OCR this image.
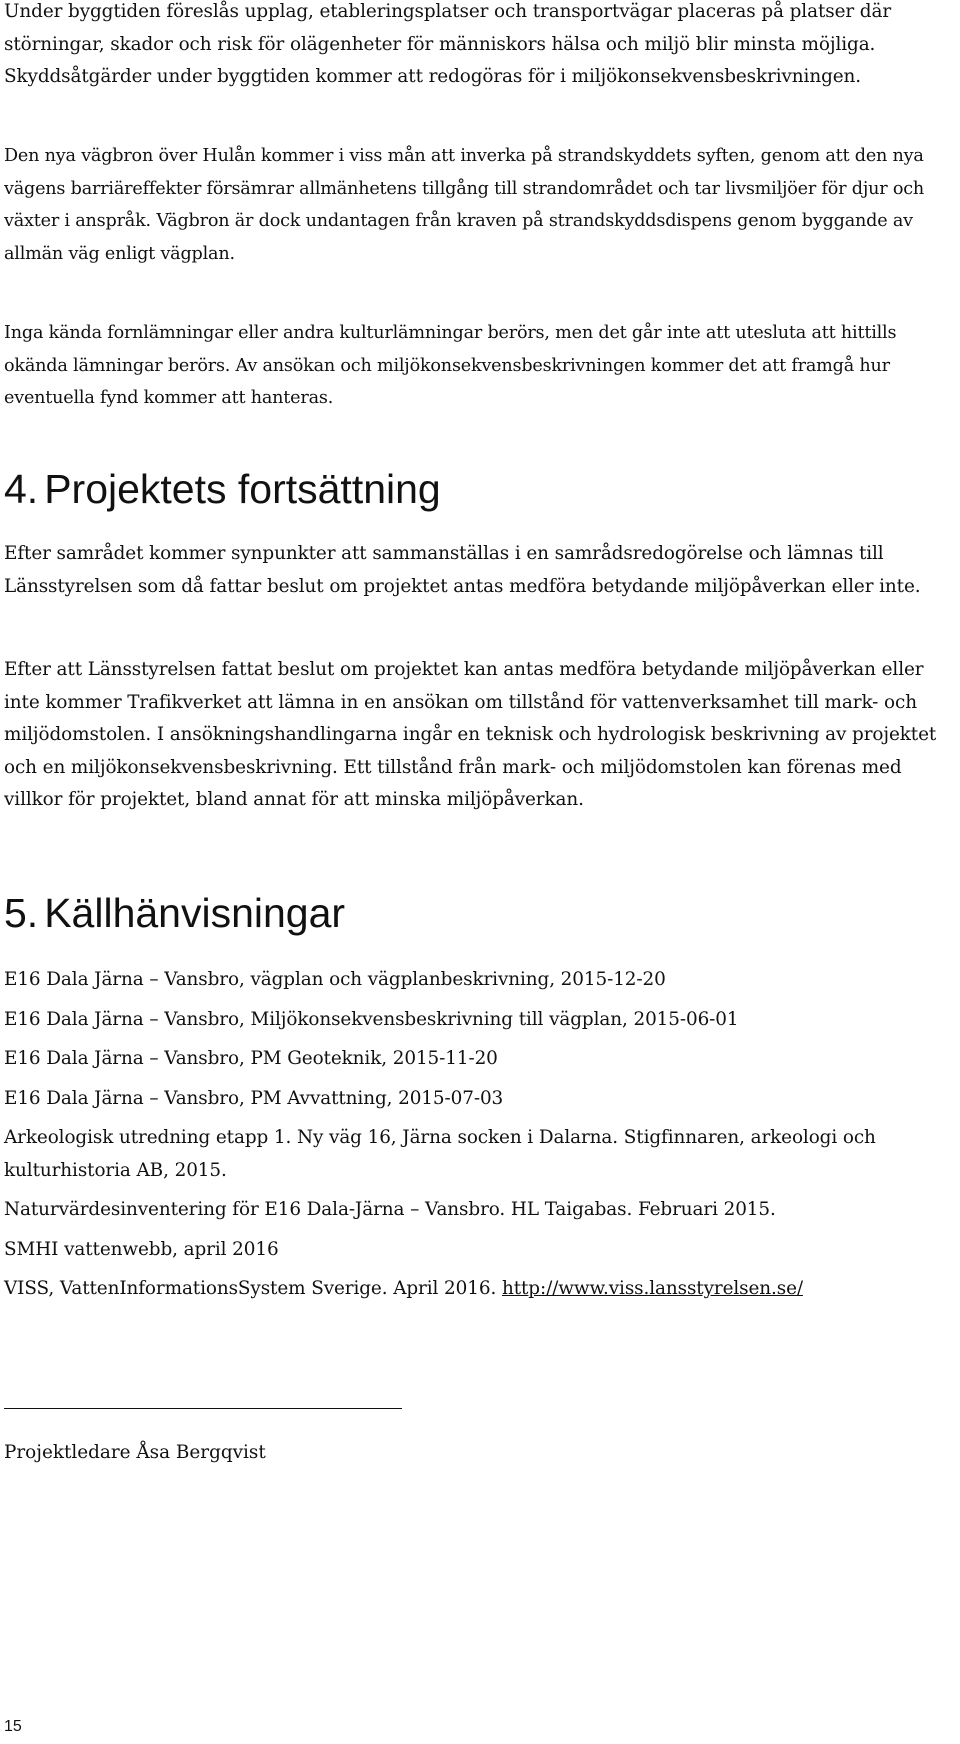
Under byggtiden föreslås upplag, etableringsplatser och transportvägar placeras på platser där störningar, skador och risk för olägenheter för människors hälsa och miljö blir minsta möjliga. Skyddsåtgärder under byggtiden kommer att redogöras för i miljökonsekvensbeskrivningen.

Den nya vägbron över Hulån kommer i viss mån att inverka på strandskyddets syften, genom att den nya vägens barriäreffekter försämrar allmänhetens tillgång till strandområdet och tar livsmiljöer för djur och växter i anspråk. Vägbron är dock undantagen från kraven på strandskyddsdispens genom byggande av allmän väg enligt vägplan.

Inga kända fornlämningar eller andra kulturlämningar berörs, men det går inte att utesluta att hittills okända lämningar berörs. Av ansökan och miljökonsekvensbeskrivningen kommer det att framgå hur eventuella fynd kommer att hanteras.

4. Projektets fortsättning

Efter samrådet kommer synpunkter att sammanställas i en samrådsredogörelse och lämnas till Länsstyrelsen som då fattar beslut om projektet antas medföra betydande miljöpåverkan eller inte.

Efter att Länsstyrelsen fattat beslut om projektet kan antas medföra betydande miljöpåverkan eller inte kommer Trafikverket att lämna in en ansökan om tillstånd för vattenverksamhet till mark- och miljödomstolen. I ansökningshandlingarna ingår en teknisk och hydrologisk beskrivning av projektet och en miljökonsekvensbeskrivning. Ett tillstånd från mark- och miljödomstolen kan förenas med villkor för projektet, bland annat för att minska miljöpåverkan.

5. Källhänvisningar
E16 Dala Järna – Vansbro, vägplan och vägplanbeskrivning, 2015-12-20
E16 Dala Järna – Vansbro, Miljökonsekvensbeskrivning till vägplan, 2015-06-01
E16 Dala Järna – Vansbro, PM Geoteknik, 2015-11-20
E16 Dala Järna – Vansbro, PM Avvattning, 2015-07-03
Arkeologisk utredning etapp 1. Ny väg 16, Järna socken i Dalarna. Stigfinnaren, arkeologi och kulturhistoria AB, 2015.
Naturvärdesinventering för E16 Dala-Järna – Vansbro. HL Taigabas. Februari 2015.
SMHI vattenwebb, april 2016
VISS, VattenInformationsSystem Sverige. April 2016. http://www.viss.lansstyrelsen.se/
Projektledare Åsa Bergqvist
15
